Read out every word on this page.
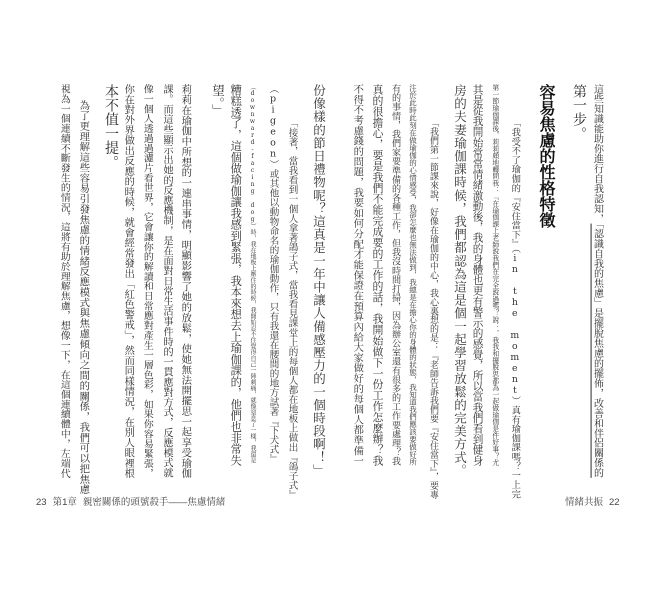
這些知識能助你進行自我認知，「認識自我的焦慮」是擺脫焦慮的擺佈，改善和伴侶關係的
第一步。
容易焦慮的性格特徵
「我受不了瑜伽的『安住當下』（in the moment）真有瑜伽課嗎？一上完
第一節瑜伽課後，莉莉頗地轉問我：『在瑜伽課上老師說我們在完全說過嗎？說：，我我和擺脫思都為一起做瑜伽是件好事？尤
其是從我開始常常情緒激動後，我的身體也更有警示的感覺，所以當我們看到健身
房的夫妻瑜伽課時候，我們都認為這是個一起學習放鬆的完美方式。
「我們第一節課來說，好像在瑜伽的中心，我心裏想的是：『老師告訴我們要『安住當下』，要專
注於此時此刻在做瑜伽的心情感受，我卻怎麼也無法做到，我總是在擔心你的身體的狀態，我知道我們應該要做好所
有的事情，我們家要準備的各種工作，但我沒時間打掃，因為辦公室還有很多的工作要處理？我
真的很擔心，要是我們不能完成要的工作的話，我開始做下一份工作怎麼辦？我
不得不考慮錢的問題，我要如何分配才能保證在預算內給大家做好的每個人都準備一
份像樣的節日禮物呢？這真是一年中讓人備感壓力的一個時段啊！」
「接著，當我看到一個人拿著鴿子式，當我看見課堂上的每個人都在地板上做出『鴿子式』
（pigeon）或其他以動物命名的瑜伽動作，只有我還在腰間的地方試著『下犬式』
（downward-facing dog）時，我在地板上壓住的時候，我開始忍不住覺得自己一陣刺痛，就像窒息了一樣，我還是
糟糕透了，這個做瑜伽讓我感到緊張，我本來想去上瑜伽課的，他們也非常失
望。」
莉莉在瑜伽中所想的一連串事情，明顯影響了她的放鬆，使她無法開擺思一起享受瑜伽
課。而這些顯示出她的反應機制，是在面對日常生活事件時的一貫應對方式，反應模式就
像一個人透過過濾片看世界，它會讓你的解讀和日常應對產生一層色彩，如果你容易緊張，
你在對外界做出反應的時候，就會經常發出「紅色警戒」，然而同樣情況，在別人眼裡根
本不值一提。
為了更理解這些容易引發焦慮的情緒反應模式與焦慮傾向之間的關係，我們可以把焦慮
視為一個連續不斷發生的情況，這將有助於理解焦慮，想像一下，在這個連續體中，左端代
23 第1章 親密關係的頭號殺手——焦慮情緒	情緒共振 22
